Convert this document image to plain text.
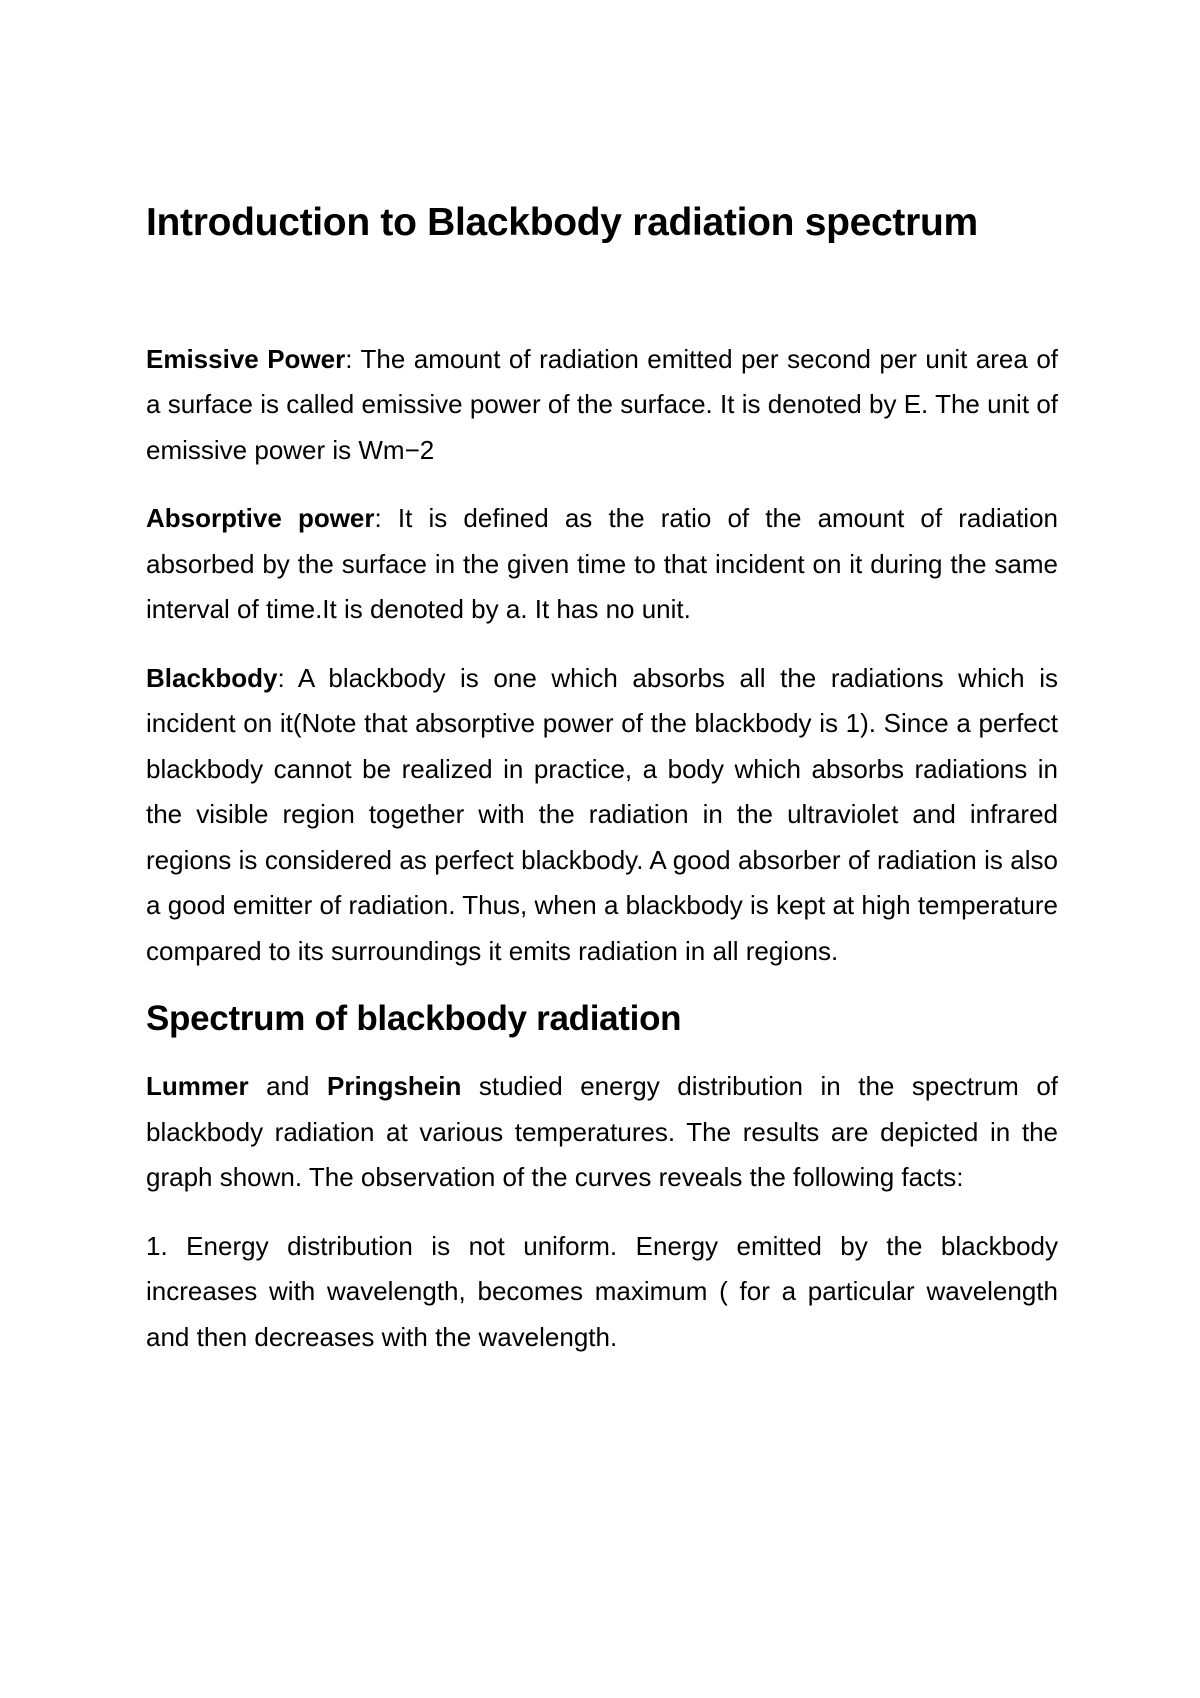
Introduction to Blackbody radiation spectrum

Emissive Power: The amount of radiation emitted per second per unit area of a surface is called emissive power of the surface. It is denoted by E. The unit of emissive power is Wm−2

Absorptive power: It is defined as the ratio of the amount of radiation absorbed by the surface in the given time to that incident on it during the same interval of time.It is denoted by a. It has no unit.

Blackbody: A blackbody is one which absorbs all the radiations which is incident on it(Note that absorptive power of the blackbody is 1). Since a perfect blackbody cannot be realized in practice, a body which absorbs radiations in the visible region together with the radiation in the ultraviolet and infrared regions is considered as perfect blackbody. A good absorber of radiation is also a good emitter of radiation. Thus, when a blackbody is kept at high temperature compared to its surroundings it emits radiation in all regions.

Spectrum of blackbody radiation

Lummer and Pringshein studied energy distribution in the spectrum of blackbody radiation at various temperatures. The results are depicted in the graph shown. The observation of the curves reveals the following facts:

1. Energy distribution is not uniform. Energy emitted by the blackbody increases with wavelength, becomes maximum ( for a particular wavelength and then decreases with the wavelength.
